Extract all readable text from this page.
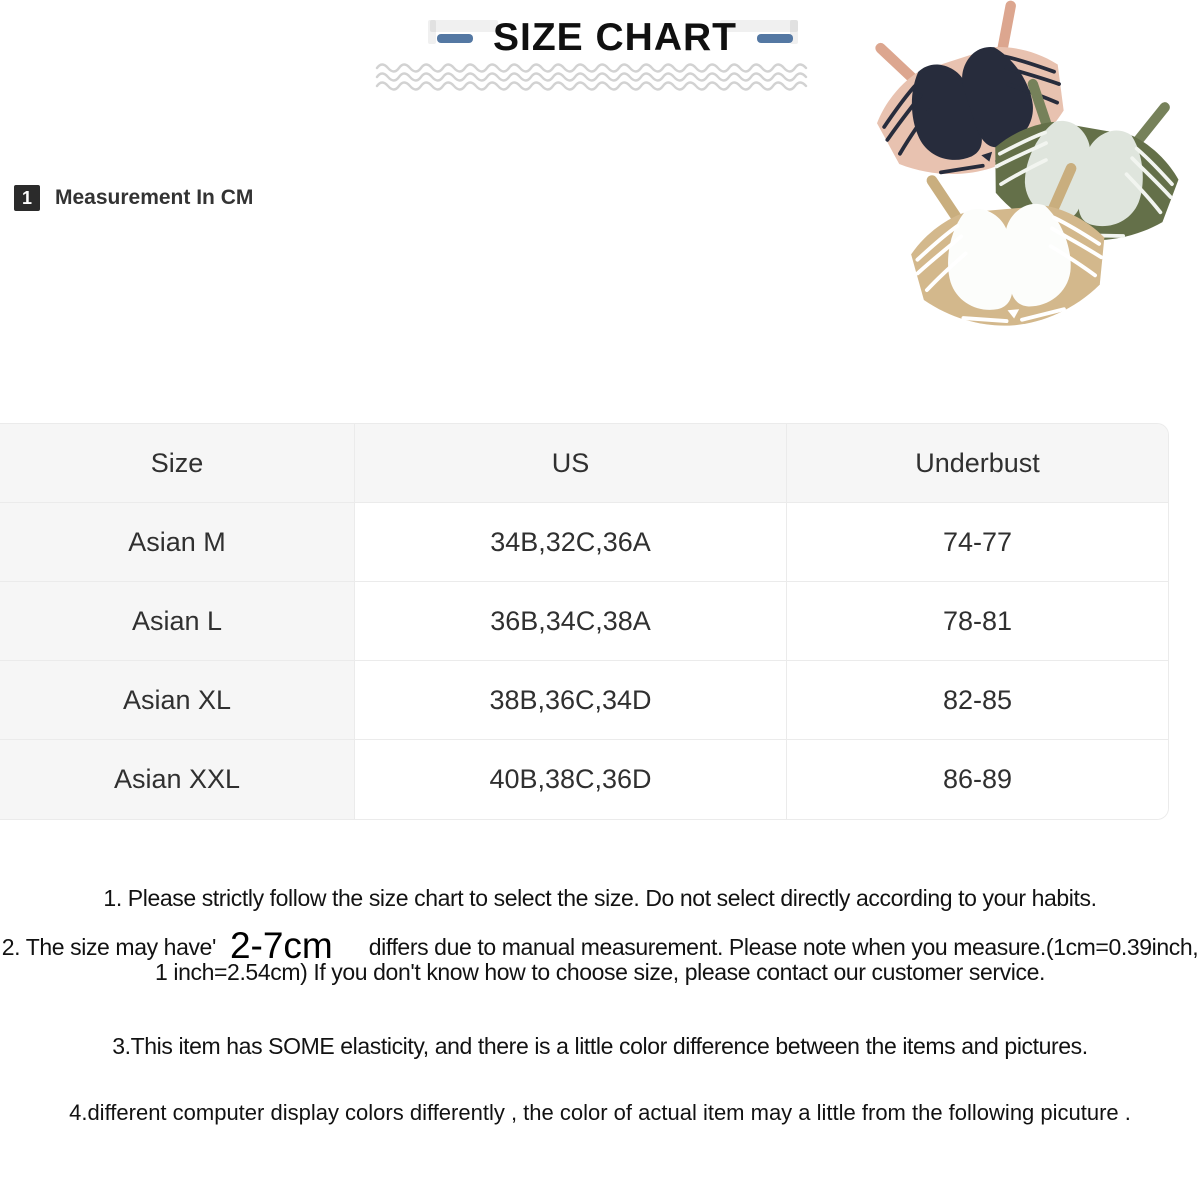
SIZE CHART
1	Measurement In CM
Size	US	Underbust
Asian M	34B,32C,36A	74-77
Asian L	36B,34C,38A	78-81
Asian XL	38B,36C,34D	82-85
Asian XXL	40B,38C,36D	86-89

1. Please strictly follow the size chart to select the size. Do not select directly according to your habits.

2. The size may have' 2-7cm differs due to manual measurement. Please note when you measure.(1cm=0.39inch, 1 inch=2.54cm) If you don't know how to choose size, please contact our customer service.

3.This item has SOME elasticity, and there is a little color difference between the items and pictures.

4.different computer display colors differently , the color of actual item may a little from the following picuture .
